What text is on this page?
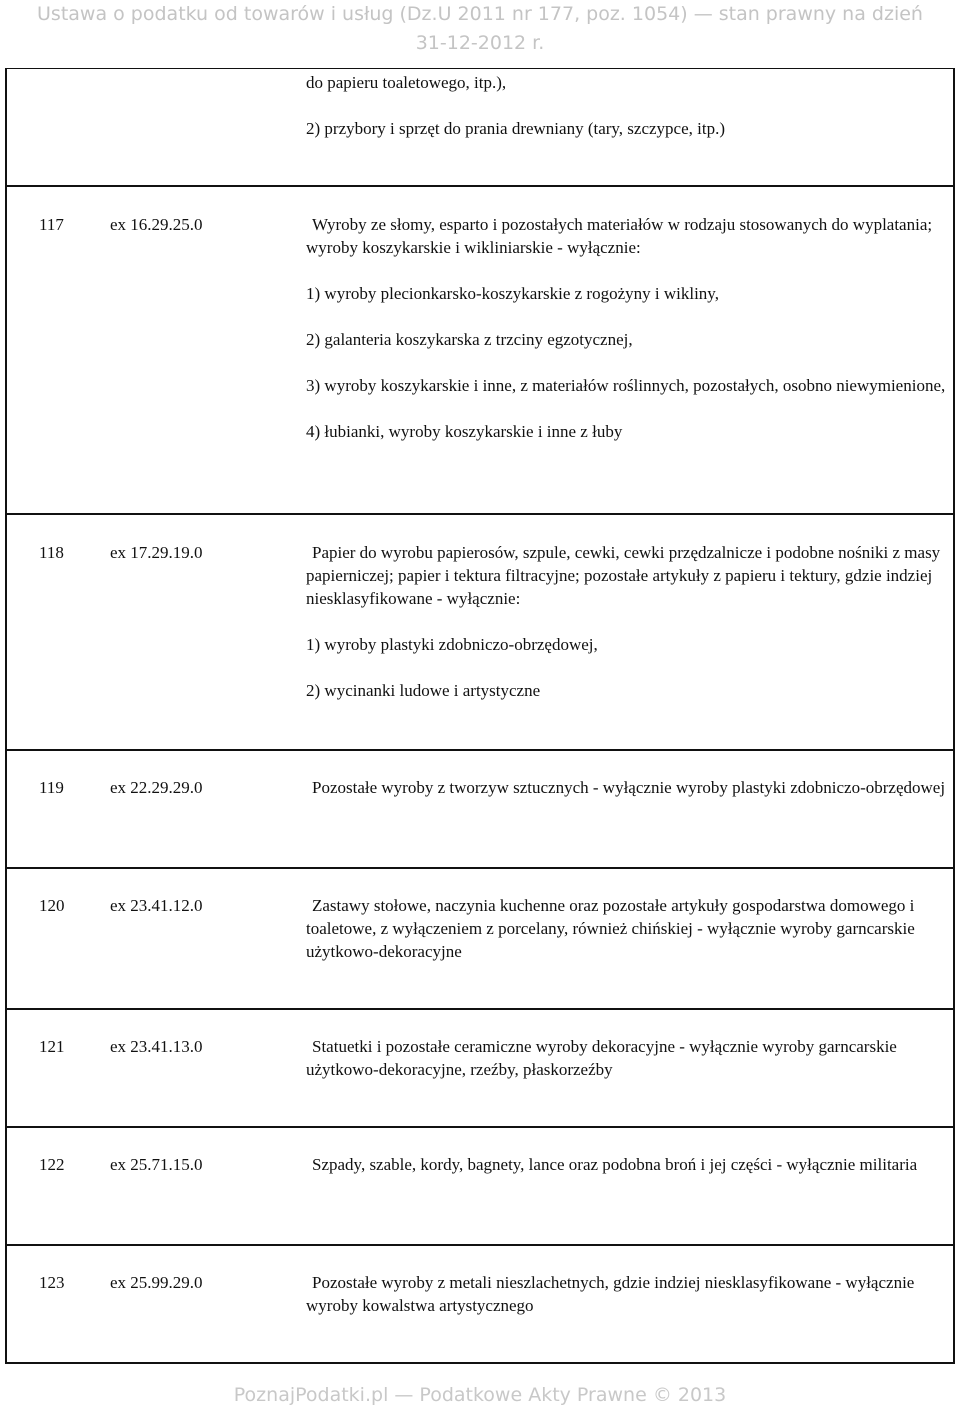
Ustawa o podatku od towarów i usług (Dz.U 2011 nr 177, poz. 1054) — stan prawny na dzień
31-12-2012 r.

do papieru toaletowego, itp.),

2) przybory i sprzęt do prania drewniany (tary, szczypce, itp.)

117	ex 16.29.25.0	Wyroby ze słomy, esparto i pozostałych materiałów w rodzaju stosowanych do wyplatania; wyroby koszykarskie i wikliniarskie - wyłącznie:

1) wyroby plecionkarsko-koszykarskie z rogożyny i wikliny,

2) galanteria koszykarska z trzciny egzotycznej,

3) wyroby koszykarskie i inne, z materiałów roślinnych, pozostałych, osobno niewymienione,

4) łubianki, wyroby koszykarskie i inne z łuby

118	ex 17.29.19.0	Papier do wyrobu papierosów, szpule, cewki, cewki przędzalnicze i podobne nośniki z masy papierniczej; papier i tektura filtracyjne; pozostałe artykuły z papieru i tektury, gdzie indziej niesklasyfikowane - wyłącznie:

1) wyroby plastyki zdobniczo-obrzędowej,

2) wycinanki ludowe i artystyczne

119	ex 22.29.29.0	Pozostałe wyroby z tworzyw sztucznych - wyłącznie wyroby plastyki zdobniczo-obrzędowej

120	ex 23.41.12.0	Zastawy stołowe, naczynia kuchenne oraz pozostałe artykuły gospodarstwa domowego i toaletowe, z wyłączeniem z porcelany, również chińskiej - wyłącznie wyroby garncarskie użytkowo-dekoracyjne

121	ex 23.41.13.0	Statuetki i pozostałe ceramiczne wyroby dekoracyjne - wyłącznie wyroby garncarskie użytkowo-dekoracyjne, rzeźby, płaskorzeźby

122	ex 25.71.15.0	Szpady, szable, kordy, bagnety, lance oraz podobna broń i jej części - wyłącznie militaria

123	ex 25.99.29.0	Pozostałe wyroby z metali nieszlachetnych, gdzie indziej niesklasyfikowane - wyłącznie wyroby kowalstwa artystycznego

PoznajPodatki.pl — Podatkowe Akty Prawne © 2013
